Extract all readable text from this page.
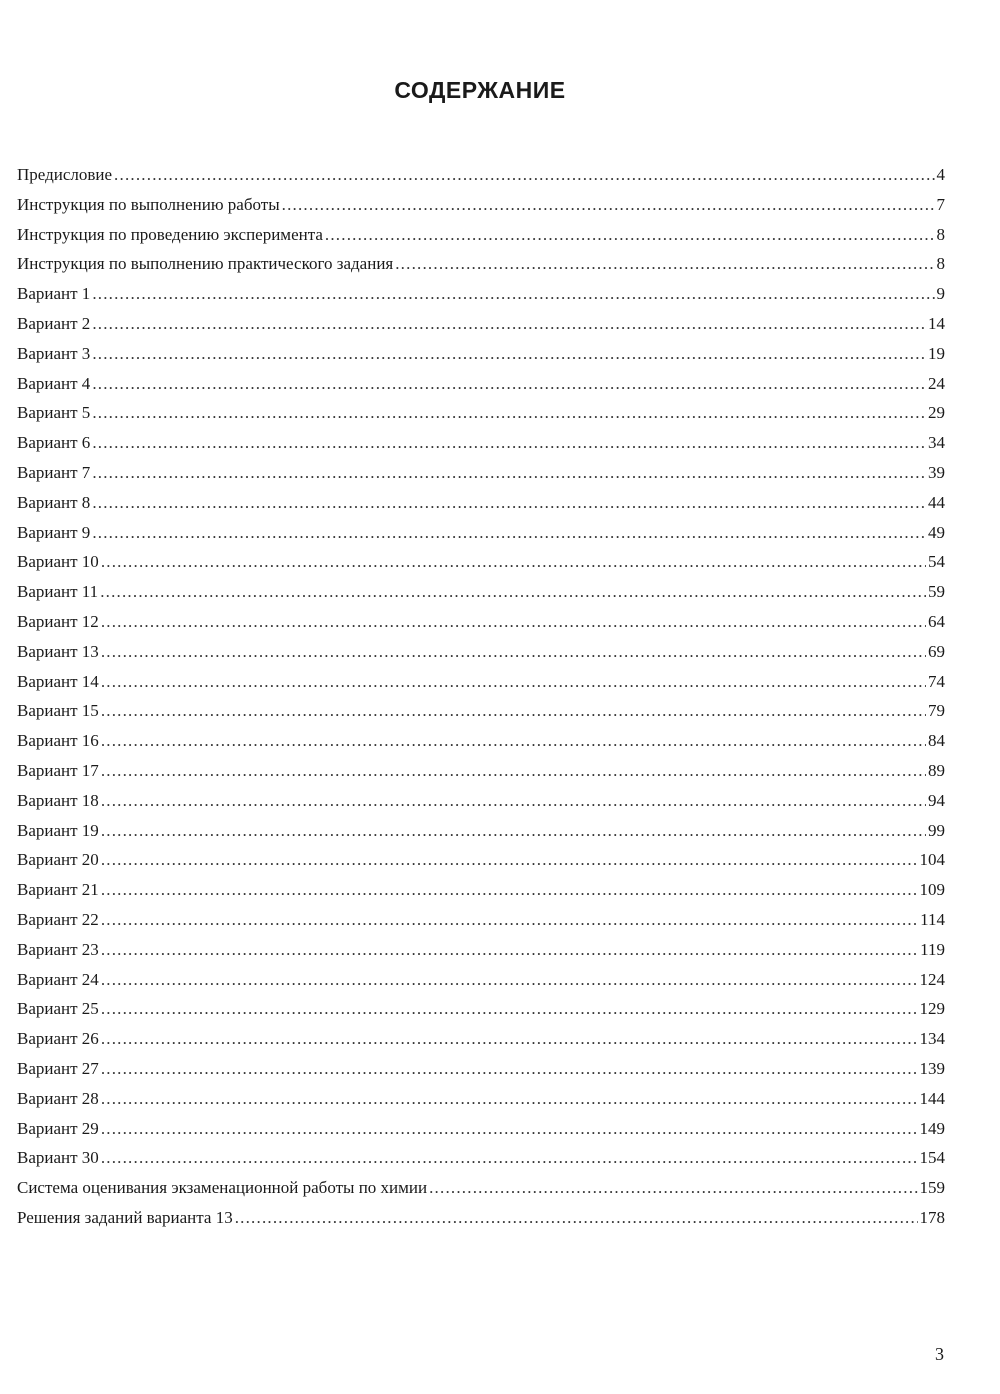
СОДЕРЖАНИЕ
Предисловие .....	4
Инструкция по выполнению работы .....	7
Инструкция по проведению эксперимента .....	8
Инструкция по выполнению практического задания .....	8
Вариант 1 .....	9
Вариант 2 .....	14
Вариант 3 .....	19
Вариант 4 .....	24
Вариант 5 .....	29
Вариант 6 .....	34
Вариант 7 .....	39
Вариант 8 .....	44
Вариант 9 .....	49
Вариант 10 .....	54
Вариант 11 .....	59
Вариант 12 .....	64
Вариант 13 .....	69
Вариант 14 .....	74
Вариант 15 .....	79
Вариант 16 .....	84
Вариант 17 .....	89
Вариант 18 .....	94
Вариант 19 .....	99
Вариант 20 .....	104
Вариант 21 .....	109
Вариант 22 .....	114
Вариант 23 .....	119
Вариант 24 .....	124
Вариант 25 .....	129
Вариант 26 .....	134
Вариант 27 .....	139
Вариант 28 .....	144
Вариант 29 .....	149
Вариант 30 .....	154
Система оценивания экзаменационной работы по химии .....	159
Решения заданий варианта 13 .....	178
3
